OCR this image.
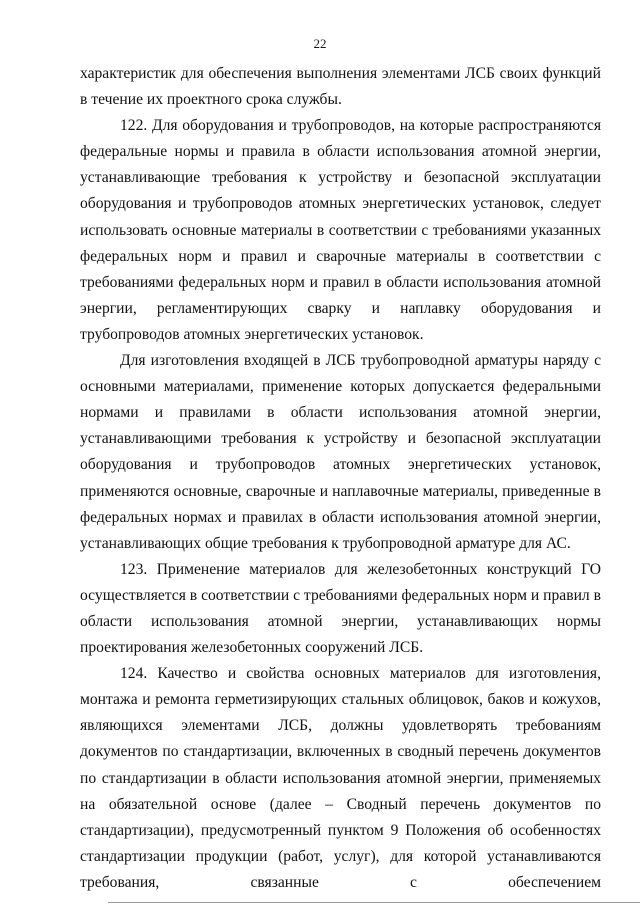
22

характеристик для обеспечения выполнения элементами ЛСБ своих функций в течение их проектного срока службы.

122. Для оборудования и трубопроводов, на которые распространяются федеральные нормы и правила в области использования атомной энергии, устанавливающие требования к устройству и безопасной эксплуатации оборудования и трубопроводов атомных энергетических установок, следует использовать основные материалы в соответствии с требованиями указанных федеральных норм и правил и сварочные материалы в соответствии с требованиями федеральных норм и правил в области использования атомной энергии, регламентирующих сварку и наплавку оборудования и трубопроводов атомных энергетических установок.

Для изготовления входящей в ЛСБ трубопроводной арматуры наряду с основными материалами, применение которых допускается федеральными нормами и правилами в области использования атомной энергии, устанавливающими требования к устройству и безопасной эксплуатации оборудования и трубопроводов атомных энергетических установок, применяются основные, сварочные и наплавочные материалы, приведенные в федеральных нормах и правилах в области использования атомной энергии, устанавливающих общие требования к трубопроводной арматуре для АС.

123. Применение материалов для железобетонных конструкций ГО осуществляется в соответствии с требованиями федеральных норм и правил в области использования атомной энергии, устанавливающих нормы проектирования железобетонных сооружений ЛСБ.

124. Качество и свойства основных материалов для изготовления, монтажа и ремонта герметизирующих стальных облицовок, баков и кожухов, являющихся элементами ЛСБ, должны удовлетворять требованиям документов по стандартизации, включенных в сводный перечень документов по стандартизации в области использования атомной энергии, применяемых на обязательной основе (далее – Сводный перечень документов по стандартизации), предусмотренный пунктом 9 Положения об особенностях стандартизации продукции (работ, услуг), для которой устанавливаются требования, связанные с обеспечением
